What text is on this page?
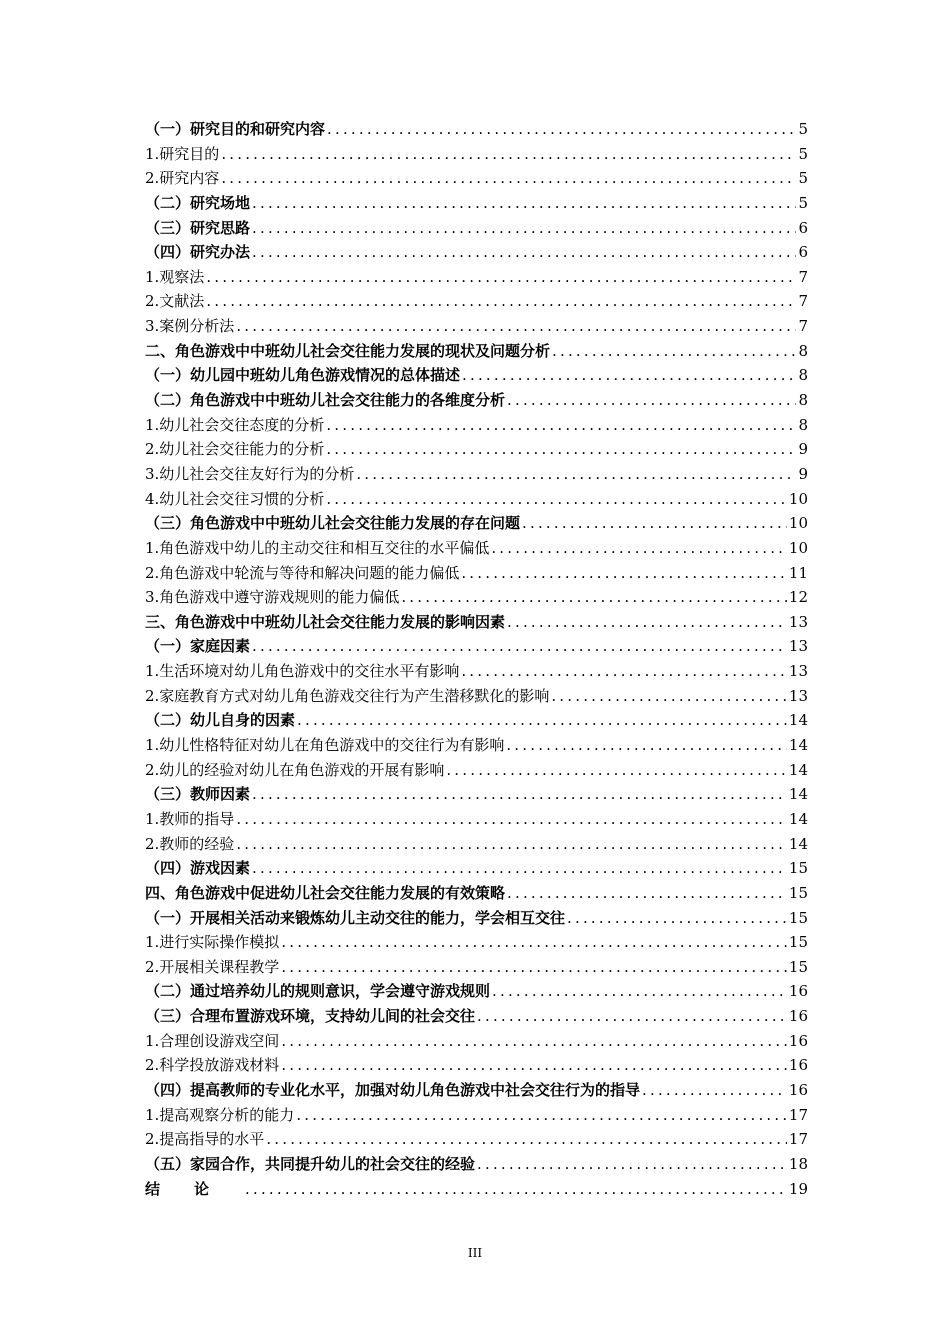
（一）研究目的和研究内容 .....	5
1.研究目的 .....	5
2.研究内容 .....	5
（二）研究场地 .....	5
（三）研究思路 .....	6
（四）研究办法 .....	6
1.观察法 .....	7
2.文献法 .....	7
3.案例分析法 .....	7
二、角色游戏中中班幼儿社会交往能力发展的现状及问题分析 .....	8
（一）幼儿园中班幼儿角色游戏情况的总体描述 .....	8
（二）角色游戏中中班幼儿社会交往能力的各维度分析 .....	8
1.幼儿社会交往态度的分析 .....	8
2.幼儿社会交往能力的分析 .....	9
3.幼儿社会交往友好行为的分析 .....	9
4.幼儿社会交往习惯的分析 .....	10
（三）角色游戏中中班幼儿社会交往能力发展的存在问题 .....	10
1.角色游戏中幼儿的主动交往和相互交往的水平偏低 .....	10
2.角色游戏中轮流与等待和解决问题的能力偏低 .....	11
3.角色游戏中遵守游戏规则的能力偏低 .....	12
三、角色游戏中中班幼儿社会交往能力发展的影响因素 .....	13
（一）家庭因素 .....	13
1.生活环境对幼儿角色游戏中的交往水平有影响 .....	13
2.家庭教育方式对幼儿角色游戏交往行为产生潜移默化的影响 .....	13
（二）幼儿自身的因素 .....	14
1.幼儿性格特征对幼儿在角色游戏中的交往行为有影响 .....	14
2.幼儿的经验对幼儿在角色游戏的开展有影响 .....	14
（三）教师因素 .....	14
1.教师的指导 .....	14
2.教师的经验 .....	14
（四）游戏因素 .....	15
四、角色游戏中促进幼儿社会交往能力发展的有效策略 .....	15
（一）开展相关活动来锻炼幼儿主动交往的能力，学会相互交往 .....	15
1.进行实际操作模拟 .....	15
2.开展相关课程教学 .....	15
（二）通过培养幼儿的规则意识，学会遵守游戏规则 .....	16
（三）合理布置游戏环境，支持幼儿间的社会交往 .....	16
1.合理创设游戏空间 .....	16
2.科学投放游戏材料 .....	16
（四）提高教师的专业化水平，加强对幼儿角色游戏中社会交往行为的指导 .....	16
1.提高观察分析的能力 .....	17
2.提高指导的水平 .....	17
（五）家园合作，共同提升幼儿的社会交往的经验 .....	18
结论 .....	19
III
